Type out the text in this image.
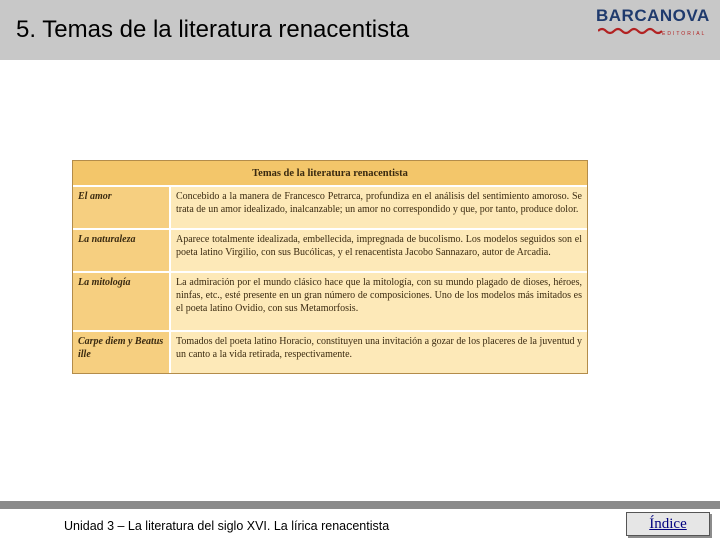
5. Temas de la literatura renacentista
BARCANOVA
EDITORIAL
Temas de la literatura renacentista	
El amor	Concebido a la manera de Francesco Petrarca, profundiza en el análisis del sentimiento amoroso. Se trata de un amor idealizado, inalcanzable; un amor no correspondido y que, por tanto, produce dolor.
La naturaleza	Aparece totalmente idealizada, embellecida, impregnada de bucolismo. Los modelos seguidos son el poeta latino Virgilio, con sus Bucólicas, y el renacentista Jacobo Sannazaro, autor de Arcadia.
La mitología	La admiración por el mundo clásico hace que la mitología, con su mundo plagado de dioses, héroes, ninfas, etc., esté presente en un gran número de composiciones. Uno de los modelos más imitados es el poeta latino Ovidio, con sus Metamorfosis.
Carpe diem y Beatus ille	Tomados del poeta latino Horacio, constituyen una invitación a gozar de los placeres de la juventud y un canto a la vida retirada, respectivamente.
Unidad 3 – La literatura del siglo XVI. La lírica renacentista	Índice
